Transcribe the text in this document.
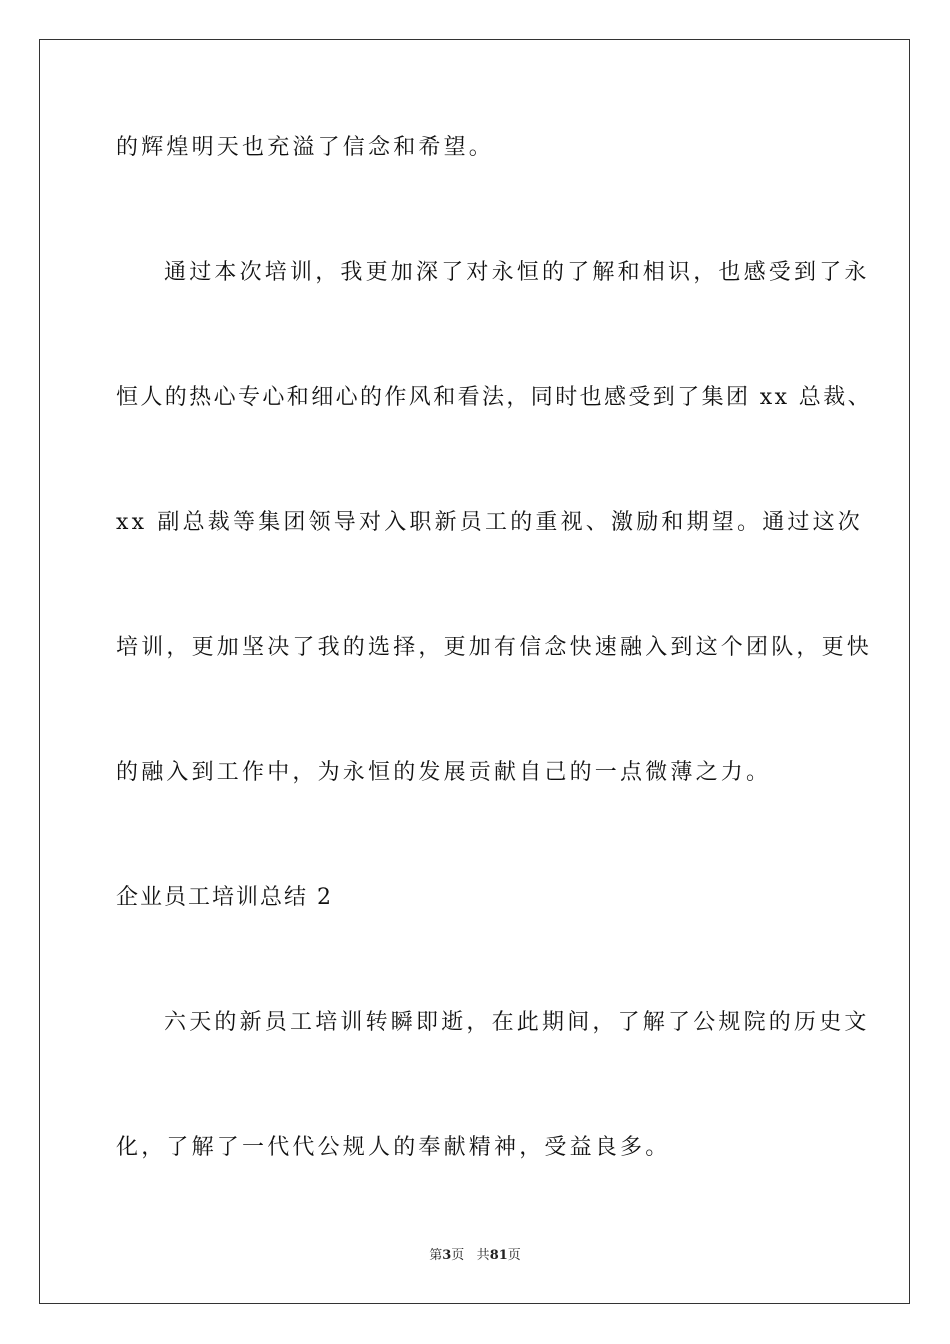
的辉煌明天也充溢了信念和希望。
通过本次培训，我更加深了对永恒的了解和相识，也感受到了永
恒人的热心专心和细心的作风和看法，同时也感受到了集团 xx 总裁、
xx 副总裁等集团领导对入职新员工的重视、激励和期望。通过这次
培训，更加坚决了我的选择，更加有信念快速融入到这个团队，更快
的融入到工作中，为永恒的发展贡献自己的一点微薄之力。
企业员工培训总结 2
六天的新员工培训转瞬即逝，在此期间，了解了公规院的历史文
化，了解了一代代公规人的奉献精神，受益良多。
第3页 共81页
